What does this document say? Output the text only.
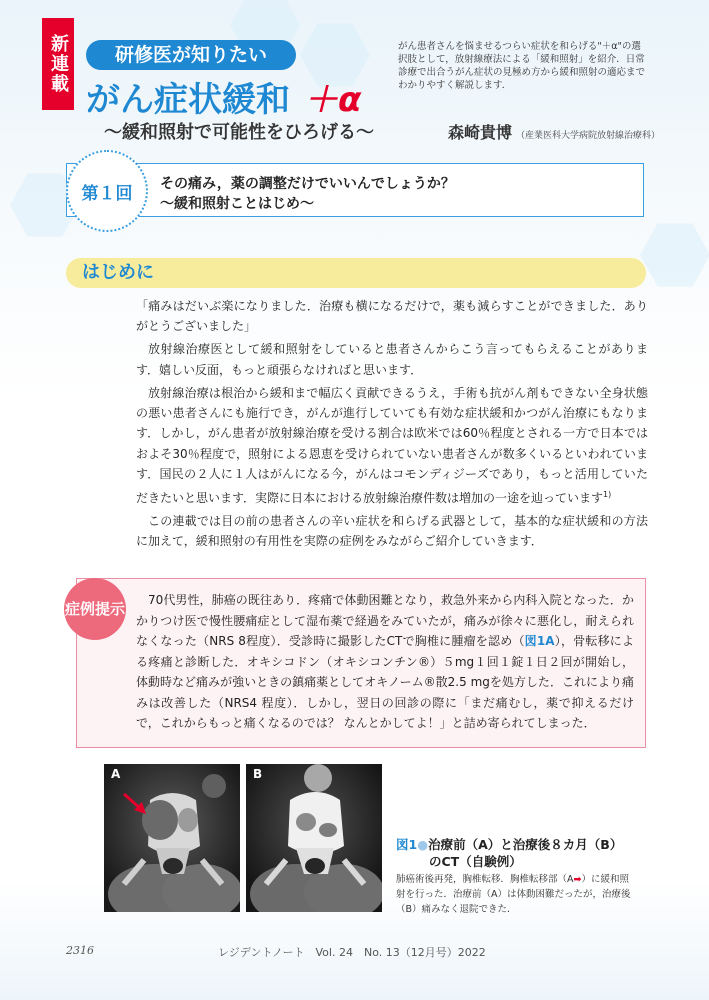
新連載	研修医が知りたい
がん症状緩和 ＋α
〜緩和照射で可能性をひろげる〜
がん患者さんを悩ませるつらい症状を和らげる"＋α"の選択肢として，放射線療法による「緩和照射」を紹介．日常診療で出合うがん症状の見極め方から緩和照射の適応までわかりやすく解説します．
森崎貴博 （産業医科大学病院放射線治療科）
第１回	その痛み，薬の調整だけでいいんでしょうか？
〜緩和照射ことはじめ〜
はじめに

「痛みはだいぶ楽になりました．治療も横になるだけで，薬も減らすことができました．ありがとうございました」

放射線治療医として緩和照射をしていると患者さんからこう言ってもらえることがあります．嬉しい反面，もっと頑張らなければと思います．

放射線治療は根治から緩和まで幅広く貢献できるうえ，手術も抗がん剤もできない全身状態の悪い患者さんにも施行でき，がんが進行していても有効な症状緩和かつがん治療にもなります．しかし，がん患者が放射線治療を受ける割合は欧米では60％程度とされる一方で日本ではおよそ30％程度で，照射による恩恵を受けられていない患者さんが数多くいるといわれています．国民の２人に１人はがんになる今，がんはコモンディジーズであり，もっと活用していただきたいと思います．実際に日本における放射線治療件数は増加の一途を辿っています$^{1)}$

この連載では目の前の患者さんの辛い症状を和らげる武器として，基本的な症状緩和の方法に加えて，緩和照射の有用性を実際の症例をみながらご紹介していきます．

症例提示	70代男性，肺癌の既往あり．疼痛で体動困難となり，救急外来から内科入院となった．かかりつけ医で慢性腰痛症として湿布薬で経過をみていたが，痛みが徐々に悪化し，耐えられなくなった（NRS 8程度）．受診時に撮影したCTで胸椎に腫瘤を認め（図1A），骨転移による疼痛と診断した．オキシコドン（オキシコンチン®）５mg１回１錠１日２回が開始し，体動時など痛みが強いときの鎮痛薬としてオキノーム®散2.5 mgを処方した．これにより痛みは改善した（NRS4 程度）．しかし，翌日の回診の際に「まだ痛むし，薬で抑えるだけで，これからもっと痛くなるのでは？ なんとかしてよ！」と詰め寄られてしまった．
A	B
図1●治療前（A）と治療後８カ月（B）
のCT（自験例）
肺癌術後再発，胸椎転移．胸椎転移部（A➡）に緩和照射を行った．治療前（A）は体動困難だったが，治療後（B）痛みなく退院できた．
2316	レジデントノート　Vol. 24　No. 13（12月号）2022
